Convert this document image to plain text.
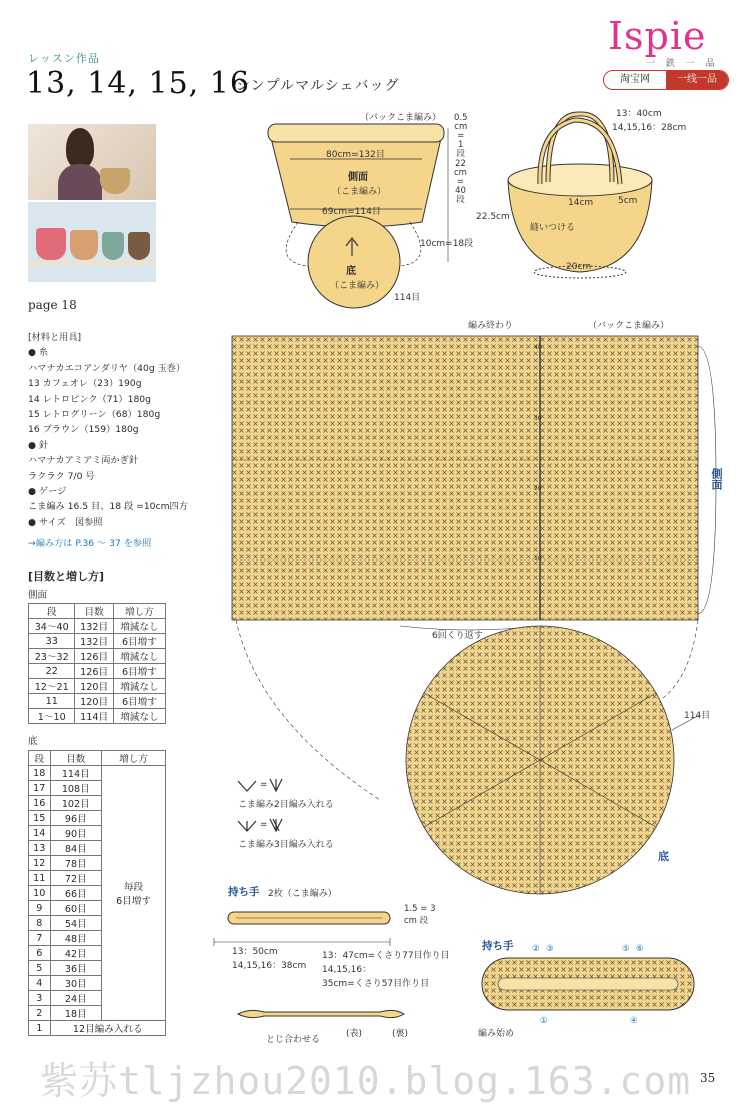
Ispie
一 鉄 一 品
淘宝网	一线一品
レッスン作品
13, 14, 15, 16
シンプルマルシェバッグ
page 18
[材料と用具]
● 糸
ハマナカエコアンダリヤ（40g 玉巻）
13 カフェオレ（23）190g
14 レトロピンク（71）180g
15 レトログリーン（68）180g
16 ブラウン（159）180g
● 針
ハマナカアミアミ両かぎ針
ラクラク 7/0 号
● ゲージ
こま編み 16.5 目、18 段 =10cm四方
● サイズ　図参照
→編み方は P.36 ～ 37 を参照
[目数と増し方]
側面
段	目数	増し方
34〜40	132目	増減なし
33	132目	6目増す
23〜32	126目	増減なし
22	126目	6目増す
12〜21	120目	増減なし
11	120目	6目増す
1〜10	114目	増減なし
底
段	目数	増し方
18	114目	毎段
6目増す
17	108目	
16	102目	
15	96目	
14	90目	
13	84目	
12	78目	
11	72目	
10	66目	
9	60目	
8	54目	
7	48目	
6	42目	
5	36目	
4	30目	
3	24目	
2	18目	
1	12目編み入れる	
（バックこま編み）
80cm=132目
側面
（こま編み）
69cm=114目
底
（こま編み）
114目
0.5
cm
=
1
段
22
cm
=
40
段
10cm=18段
13：40cm
14,15,16：28cm
14cm	5cm
22.5cm
縫いつける
20cm
編み終わり	（バックこま編み）
側面
40
30
20
10
6回くり返す
114目
底
=
こま編み2目編み入れる
=
こま編み3目編み入れる
持ち手 2枚（こま編み）
1.5 = 3
cm 段
13：50cm
14,15,16：38cm
13：47cm=くさり77目作り目
14,15,16：
35cm=くさり57目作り目
とじ合わせる
(表)	(裏)
持ち手
編み始め
② ③	⑤ ⑥
①	④
紫苏tljzhou2010.blog.163.com 35
